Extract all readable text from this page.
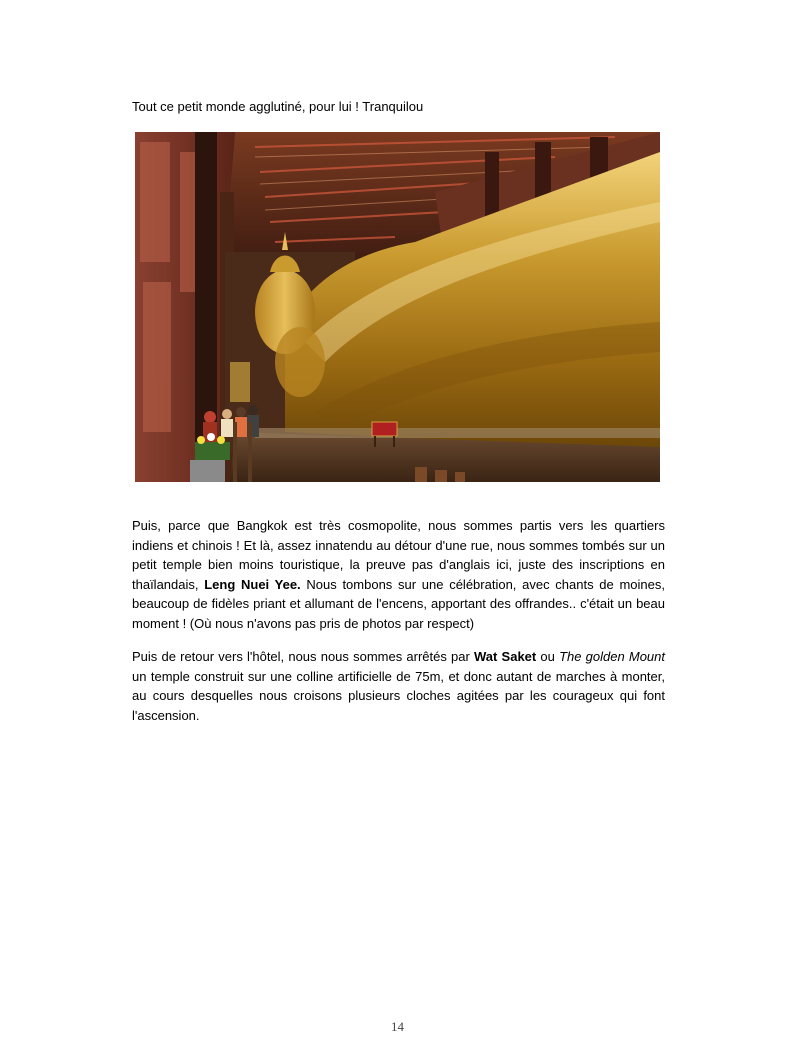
Tout ce petit monde agglutiné, pour lui ! Tranquilou

Puis, parce que Bangkok est très cosmopolite, nous sommes partis vers les quartiers indiens et chinois ! Et là, assez innatendu au détour d'une rue, nous sommes tombés sur un petit temple bien moins touristique, la preuve pas d'anglais ici, juste des inscriptions en thaïlandais, Leng Nuei Yee. Nous tombons sur une célébration, avec chants de moines, beaucoup de fidèles priant et allumant de l'encens, apportant des offrandes.. c'était un beau moment ! (Où nous n'avons pas pris de photos par respect)

Puis de retour vers l'hôtel, nous nous sommes arrêtés par Wat Saket ou The golden Mount un temple construit sur une colline artificielle de 75m, et donc autant de marches à monter, au cours desquelles nous croisons plusieurs cloches agitées par les courageux qui font l'ascension.

14
